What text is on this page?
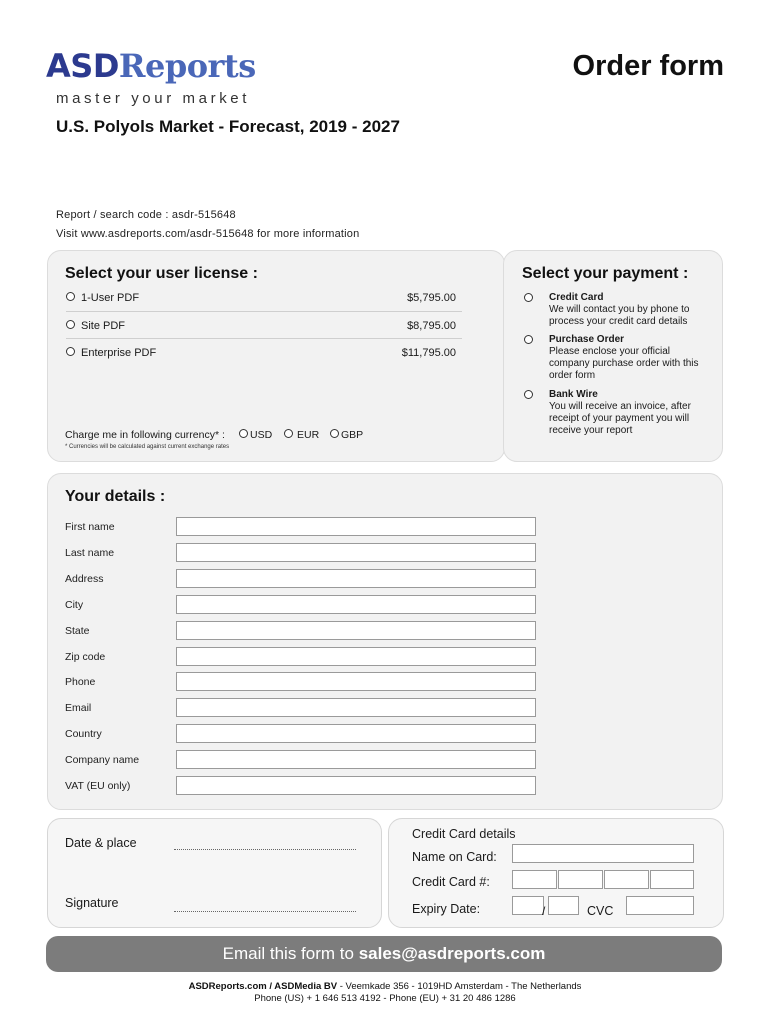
ASDReports
master your market
Order form
U.S. Polyols Market - Forecast, 2019 - 2027
Report / search code : asdr-515648
Visit www.asdreports.com/asdr-515648 for more information
Select your user license :
1-User PDF	$5,795.00
Site PDF	$8,795.00
Enterprise PDF	$11,795.00
Charge me in following currency* :	USD	EUR	GBP
* Currencies will be calculated against current exchange rates
Select your payment :
Credit Card
We will contact you by phone to process your credit card details
Purchase Order
Please enclose your official company purchase order with this order form
Bank Wire
You will receive an invoice, after receipt of your payment you will receive your report
Your details :
First name
Last name
Address
City
State
Zip code
Phone
Email
Country
Company name
VAT (EU only)
Date & place
Signature
Credit Card details
Name on Card:
Credit Card #:
Expiry Date:	/	CVC
Email this form to sales@asdreports.com
ASDReports.com / ASDMedia BV - Veemkade 356 - 1019HD Amsterdam - The Netherlands
Phone (US) + 1 646 513 4192 - Phone (EU) + 31 20 486 1286
